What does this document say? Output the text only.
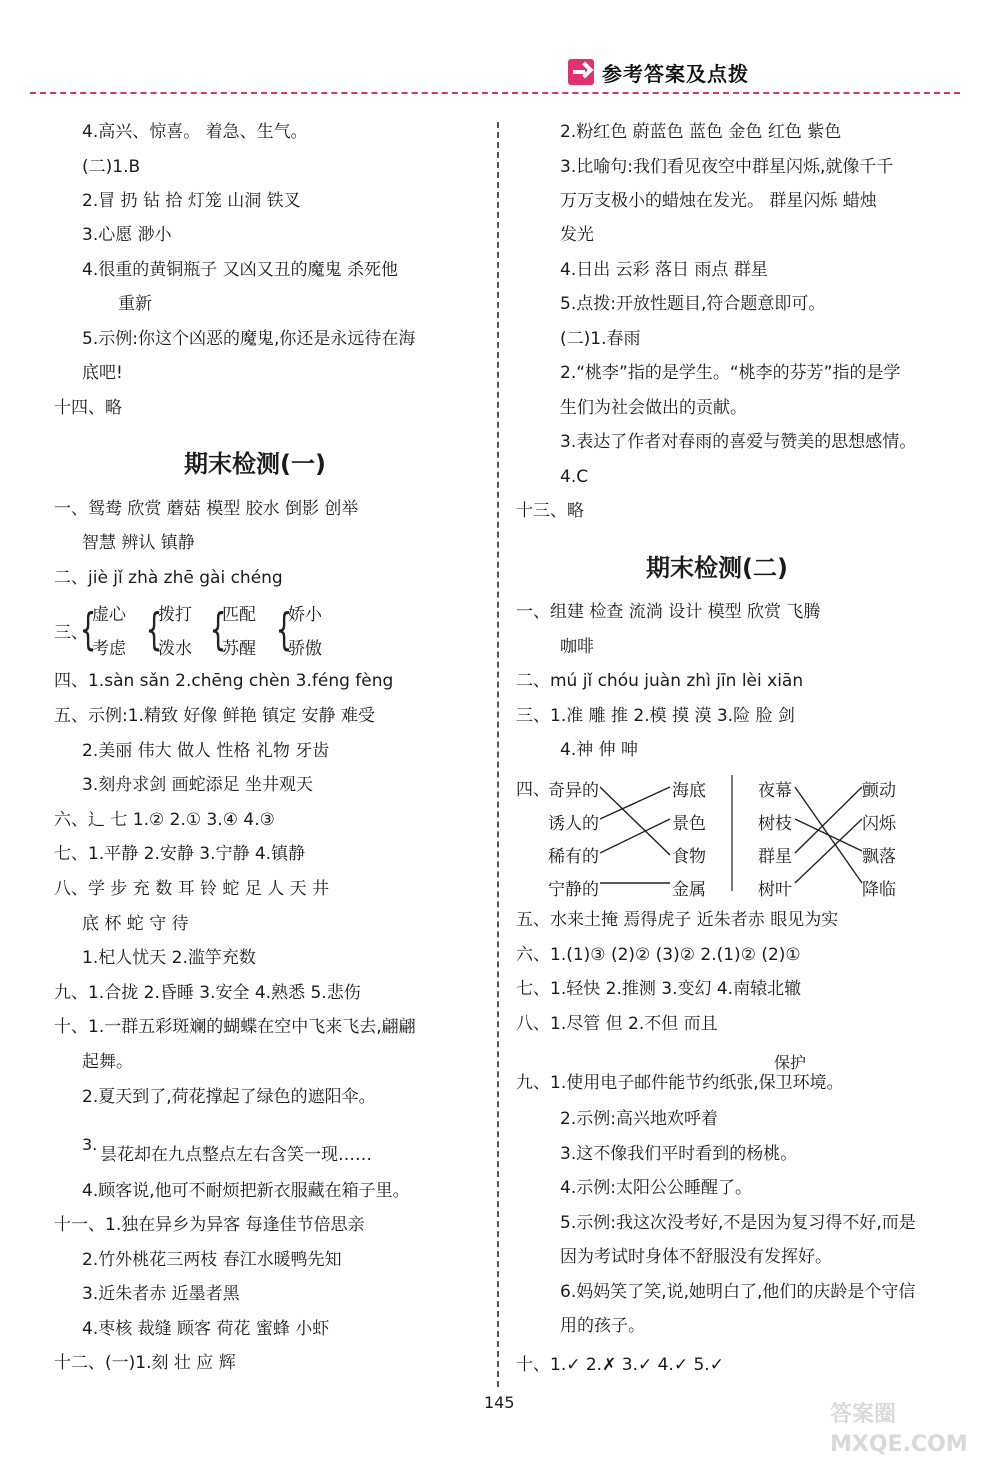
参考答案及点拨
4.高兴、惊喜。 着急、生气。
(二)1.B
2.冒 扔 钻 拾 灯笼 山洞 铁叉
3.心愿 渺小
4.很重的黄铜瓶子 又凶又丑的魔鬼 杀死他
重新
5.示例:你这个凶恶的魔鬼,你还是永远待在海
底吧!
十四、略
一、鸳鸯 欣赏 蘑菇 模型 胶水 倒影 创举
智慧 辨认 镇静
二、jiè jǐ zhà zhē gài chéng
四、1.sàn sǎn 2.chēng chèn 3.féng fèng
五、示例:1.精致 好像 鲜艳 镇定 安静 难受
2.美丽 伟大 做人 性格 礼物 牙齿
3.刻舟求剑 画蛇添足 坐井观天
六、辶 七 1.② 2.① 3.④ 4.③
七、1.平静 2.安静 3.宁静 4.镇静
八、学 步 充 数 耳 铃 蛇 足 人 天 井
底 杯 蛇 守 待
1.杞人忧天 2.滥竽充数
九、1.合拢 2.昏睡 3.安全 4.熟悉 5.悲伤
十、1.一群五彩斑斓的蝴蝶在空中飞来飞去,翩翩
起舞。
2.夏天到了,荷花撑起了绿色的遮阳伞。
昙花却在九点整点左右含笑一现……
4.顾客说,他可不耐烦把新衣服藏在箱子里。
十一、1.独在异乡为异客 每逢佳节倍思亲
2.竹外桃花三两枝 春江水暖鸭先知
3.近朱者赤 近墨者黑
4.枣核 裁缝 顾客 荷花 蜜蜂 小虾
十二、(一)1.刻 壮 应 辉
期末检测(一)
三、
3.
2.粉红色 蔚蓝色 蓝色 金色 红色 紫色
3.比喻句:我们看见夜空中群星闪烁,就像千千
万万支极小的蜡烛在发光。 群星闪烁 蜡烛
发光
4.日出 云彩 落日 雨点 群星
5.点拨:开放性题目,符合题意即可。
(二)1.春雨
2.“桃李”指的是学生。“桃李的芬芳”指的是学
生们为社会做出的贡献。
3.表达了作者对春雨的喜爱与赞美的思想感情。
4.C
十三、略
一、组建 检查 流淌 设计 模型 欣赏 飞腾
咖啡
二、mú jǐ chóu juàn zhì jīn lèi xiān
三、1.准 雕 推 2.模 摸 漠 3.险 脸 剑
4.神 伸 呻
五、水来土掩 焉得虎子 近朱者赤 眼见为实
六、1.(1)③ (2)② (3)② 2.(1)② (2)①
七、1.轻快 2.推测 3.变幻 4.南辕北辙
八、1.尽管 但 2.不但 而且
九、1.使用电子邮件能节约纸张,保卫环境。
2.示例:高兴地欢呼着
3.这不像我们平时看到的杨桃。
4.示例:太阳公公睡醒了。
5.示例:我这次没考好,不是因为复习得不好,而是
因为考试时身体不舒服没有发挥好。
6.妈妈笑了笑,说,她明白了,他们的庆龄是个守信
用的孩子。
十、1.✓ 2.✗ 3.✓ 4.✓ 5.✓
期末检测(二)
四、
保护
145	答案圈 MXQE.COM
{
虚心
考虑 {
拨打
泼水 {
匹配
苏醒 {
娇小
骄傲
奇异的
诱人的
稀有的
宁静的
海底
景色
食物
金属
夜幕
树枝
群星
树叶
颤动
闪烁
飘落
降临
